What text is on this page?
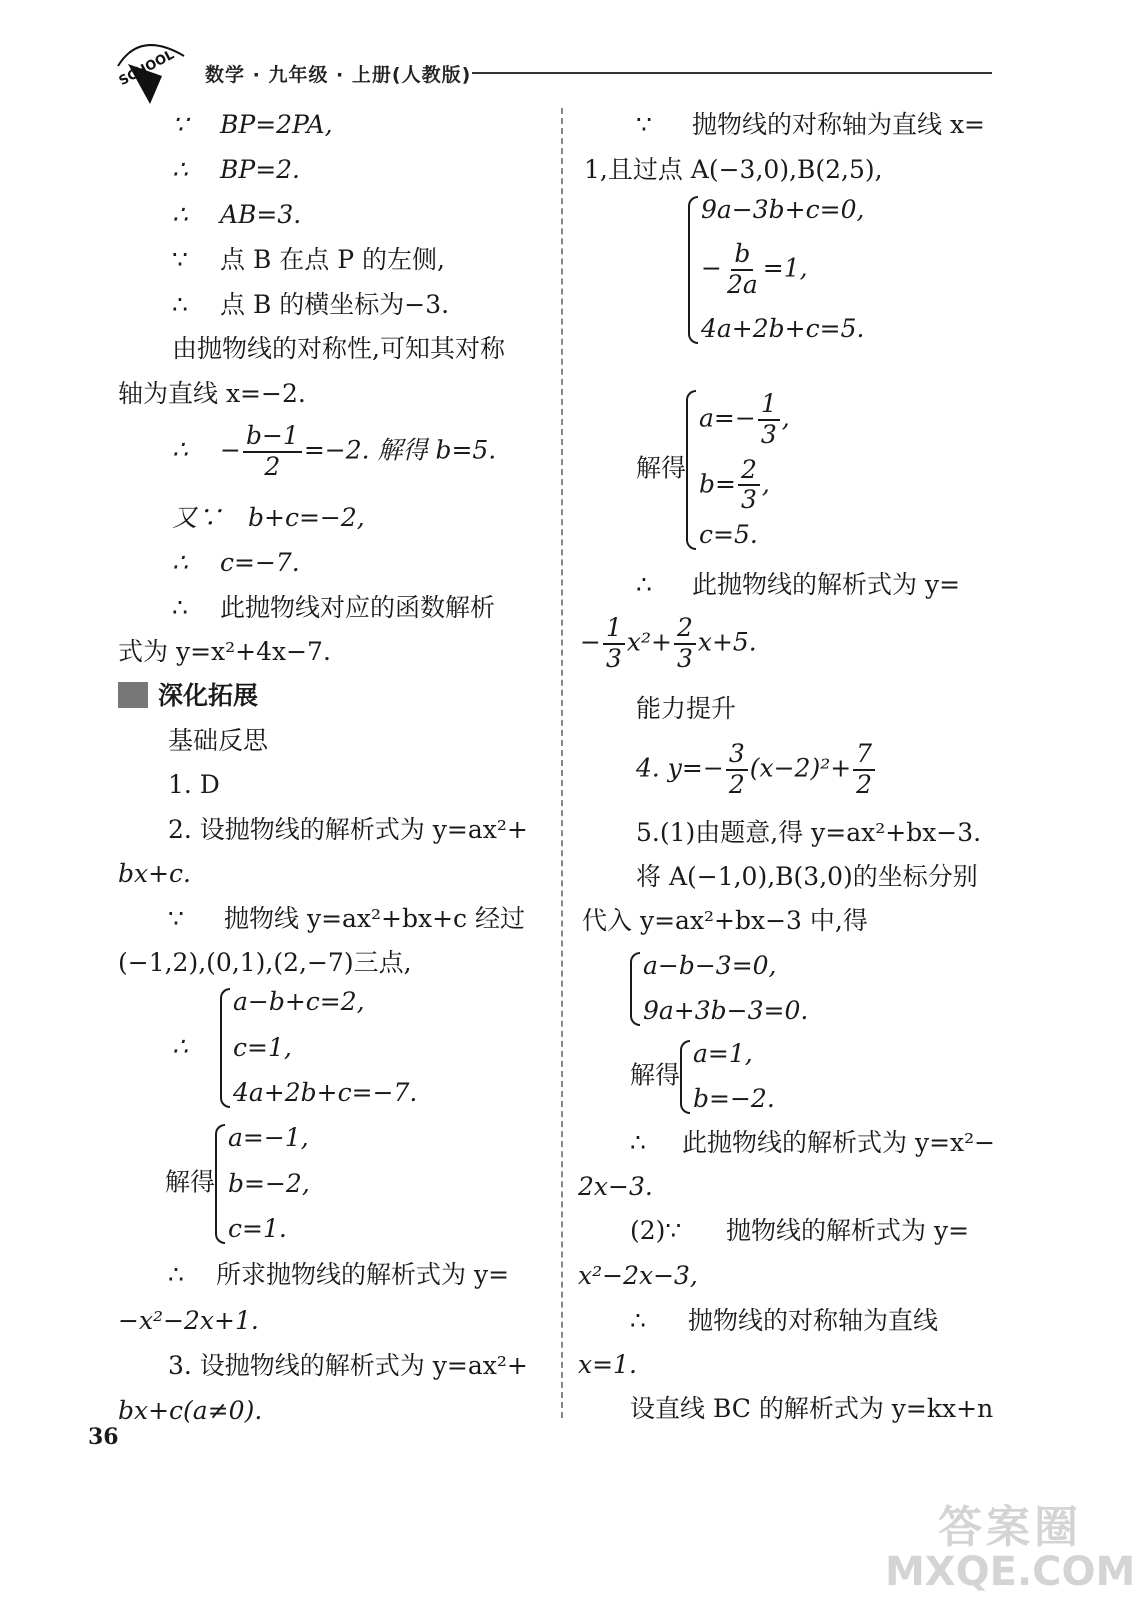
SCHOOL 数学 · 九年级 · 上册(人教版)
∵ BP=2PA,
∴ BP=2.
∴ AB=3.
∵ 点 B 在点 P 的左侧,
∴ 点 B 的横坐标为−3.
由抛物线的对称性,可知其对称
轴为直线 x=−2.
∴ − $\frac{b-1}{2} =-2$. 解得 b=5.
又∵ b+c=−2,
∴ c=−7.
∴ 此抛物线对应的函数解析
式为 y=x²+4x−7.
深化拓展
基础反思
1. D
2. 设抛物线的解析式为 y=ax²+
bx+c.
∵ 抛物线 y=ax²+bx+c 经过
(−1,2),(0,1),(2,−7)三点,
∴
a−b+c=2,
c=1,
4a+2b+c=−7.
解得
a=−1,
b=−2,
c=1.
∴ 所求抛物线的解析式为 y=
−x²−2x+1.
3. 设抛物线的解析式为 y=ax²+
bx+c(a≠0).
∵ 抛物线的对称轴为直线 x=
1,且过点 A(−3,0),B(2,5),
9a−3b+c=0,
− $\frac{b}{2a} =1$,
4a+2b+c=5.
解得
$a=- \frac{1}{3}$ ,
$b= \frac{2}{3}$ ,
c=5.
∴ 此抛物线的解析式为 y=
− $\frac{1}{3} x^2+ \frac{2}{3} x+5$.
能力提升
4. $y=- \frac{3}{2} (x-2)^2+ \frac{7}{2}$
5.(1)由题意,得 y=ax²+bx−3.
将 A(−1,0),B(3,0)的坐标分别
代入 y=ax²+bx−3 中,得
a−b−3=0,
9a+3b−3=0.
解得
a=1,
b=−2.
∴ 此抛物线的解析式为 y=x²−
2x−3.
(2)∵ 抛物线的解析式为 y=
x²−2x−3,
∴ 抛物线的对称轴为直线
x=1.
设直线 BC 的解析式为 y=kx+n
36
答案圈
MXQE.COM
